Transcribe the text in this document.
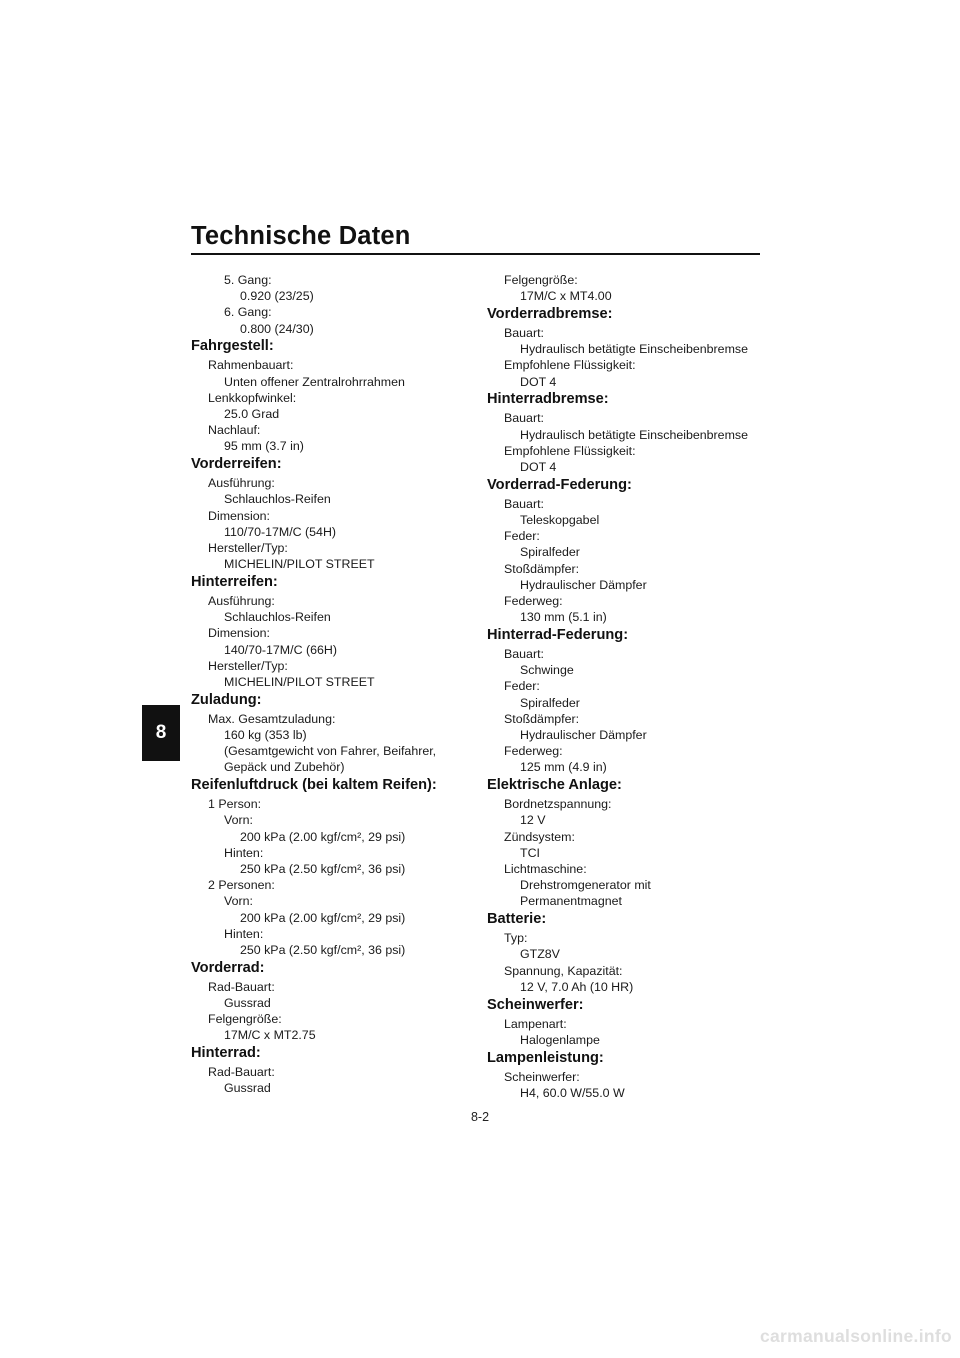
Technische Daten
8
5. Gang:
0.920 (23/25)
6. Gang:
0.800 (24/30)
Fahrgestell:
Rahmenbauart:
Unten offener Zentralrohrrahmen
Lenkkopfwinkel:
25.0 Grad
Nachlauf:
95 mm (3.7 in)
Vorderreifen:
Ausführung:
Schlauchlos-Reifen
Dimension:
110/70-17M/C (54H)
Hersteller/Typ:
MICHELIN/PILOT STREET
Hinterreifen:
Ausführung:
Schlauchlos-Reifen
Dimension:
140/70-17M/C (66H)
Hersteller/Typ:
MICHELIN/PILOT STREET
Zuladung:
Max. Gesamtzuladung:
160 kg (353 lb)
(Gesamtgewicht von Fahrer, Beifahrer,
Gepäck und Zubehör)
Reifenluftdruck (bei kaltem Reifen):
1 Person:
Vorn:
200 kPa (2.00 kgf/cm², 29 psi)
Hinten:
250 kPa (2.50 kgf/cm², 36 psi)
2 Personen:
Vorn:
200 kPa (2.00 kgf/cm², 29 psi)
Hinten:
250 kPa (2.50 kgf/cm², 36 psi)
Vorderrad:
Rad-Bauart:
Gussrad
Felgengröße:
17M/C x MT2.75
Hinterrad:
Rad-Bauart:
Gussrad
Felgengröße:
17M/C x MT4.00
Vorderradbremse:
Bauart:
Hydraulisch betätigte Einscheibenbremse
Empfohlene Flüssigkeit:
DOT 4
Hinterradbremse:
Bauart:
Hydraulisch betätigte Einscheibenbremse
Empfohlene Flüssigkeit:
DOT 4
Vorderrad-Federung:
Bauart:
Teleskopgabel
Feder:
Spiralfeder
Stoßdämpfer:
Hydraulischer Dämpfer
Federweg:
130 mm (5.1 in)
Hinterrad-Federung:
Bauart:
Schwinge
Feder:
Spiralfeder
Stoßdämpfer:
Hydraulischer Dämpfer
Federweg:
125 mm (4.9 in)
Elektrische Anlage:
Bordnetzspannung:
12 V
Zündsystem:
TCI
Lichtmaschine:
Drehstromgenerator mit
Permanentmagnet
Batterie:
Typ:
GTZ8V
Spannung, Kapazität:
12 V, 7.0 Ah (10 HR)
Scheinwerfer:
Lampenart:
Halogenlampe
Lampenleistung:
Scheinwerfer:
H4, 60.0 W/55.0 W
8-2
carmanualsonline.info
